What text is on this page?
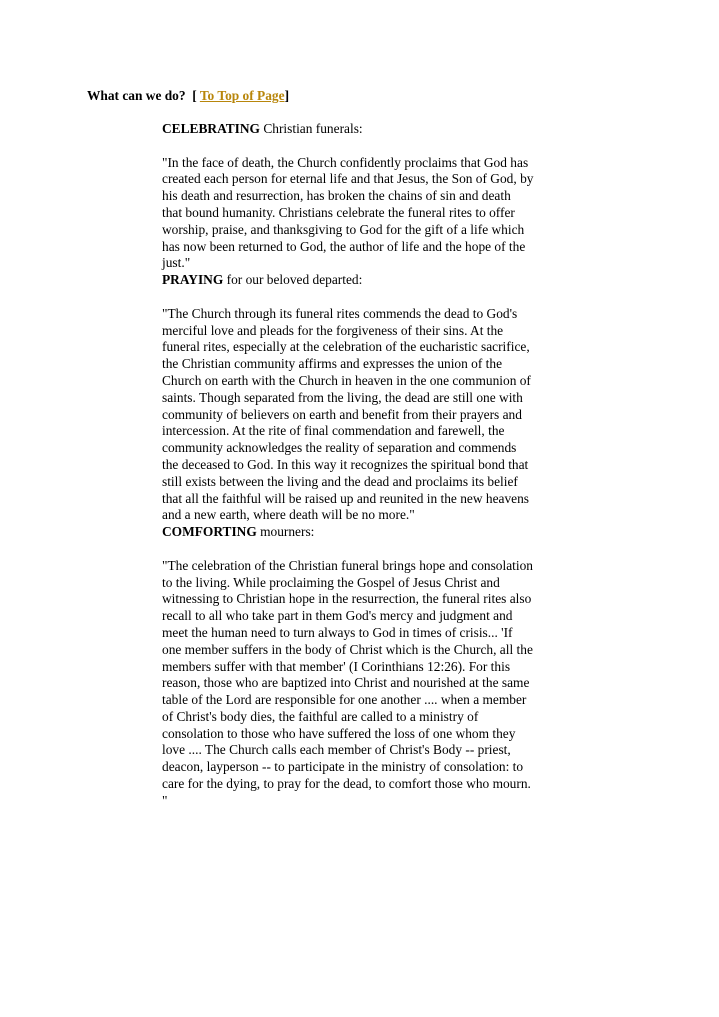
What can we do? [ To Top of Page]

CELEBRATING Christian funerals:

"In the face of death, the Church confidently proclaims that God has
created each person for eternal life and that Jesus, the Son of God, by
his death and resurrection, has broken the chains of sin and death
that bound humanity. Christians celebrate the funeral rites to offer
worship, praise, and thanksgiving to God for the gift of a life which
has now been returned to God, the author of life and the hope of the
just."

PRAYING for our beloved departed:

"The Church through its funeral rites commends the dead to God's
merciful love and pleads for the forgiveness of their sins. At the
funeral rites, especially at the celebration of the eucharistic sacrifice,
the Christian community affirms and expresses the union of the
Church on earth with the Church in heaven in the one communion of
saints. Though separated from the living, the dead are still one with
community of believers on earth and benefit from their prayers and
intercession. At the rite of final commendation and farewell, the
community acknowledges the reality of separation and commends
the deceased to God. In this way it recognizes the spiritual bond that
still exists between the living and the dead and proclaims its belief
that all the faithful will be raised up and reunited in the new heavens
and a new earth, where death will be no more."

COMFORTING mourners:

"The celebration of the Christian funeral brings hope and consolation
to the living. While proclaiming the Gospel of Jesus Christ and
witnessing to Christian hope in the resurrection, the funeral rites also
recall to all who take part in them God's mercy and judgment and
meet the human need to turn always to God in times of crisis... 'If
one member suffers in the body of Christ which is the Church, all the
members suffer with that member' (I Corinthians 12:26). For this
reason, those who are baptized into Christ and nourished at the same
table of the Lord are responsible for one another .... when a member
of Christ's body dies, the faithful are called to a ministry of
consolation to those who have suffered the loss of one whom they
love .... The Church calls each member of Christ's Body -- priest,
deacon, layperson -- to participate in the ministry of consolation: to
care for the dying, to pray for the dead, to comfort those who mourn.
"
